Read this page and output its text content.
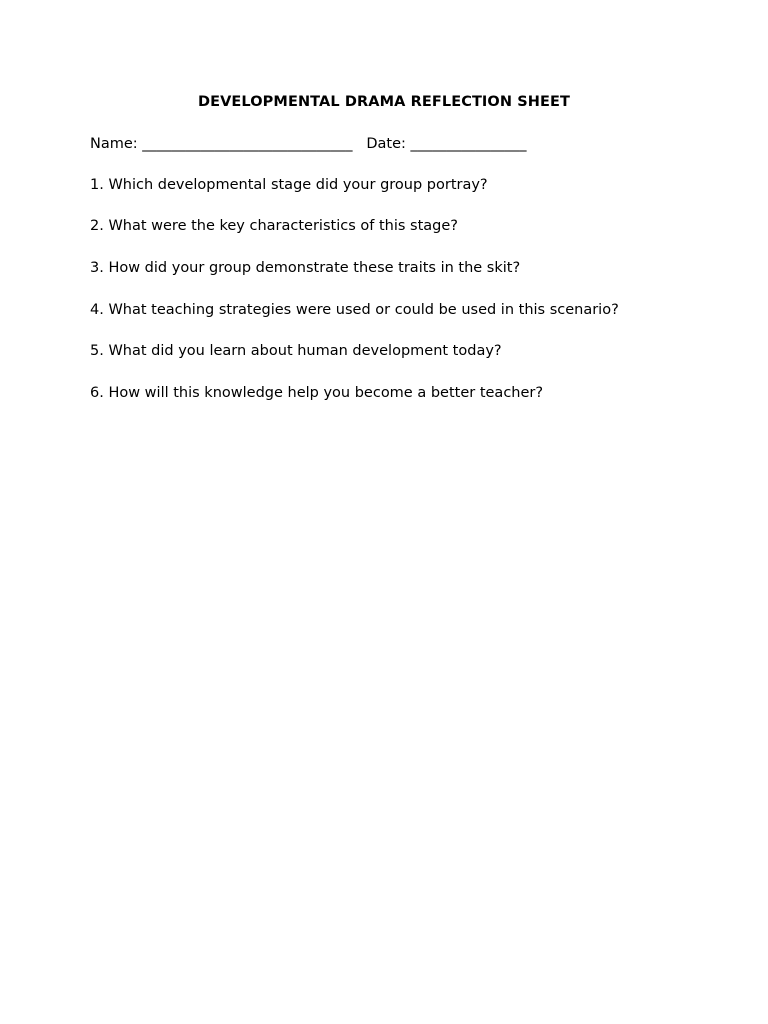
DEVELOPMENTAL DRAMA REFLECTION SHEET
Name: _____________________________ Date: ________________
1. Which developmental stage did your group portray?
2. What were the key characteristics of this stage?
3. How did your group demonstrate these traits in the skit?
4. What teaching strategies were used or could be used in this scenario?
5. What did you learn about human development today?
6. How will this knowledge help you become a better teacher?
